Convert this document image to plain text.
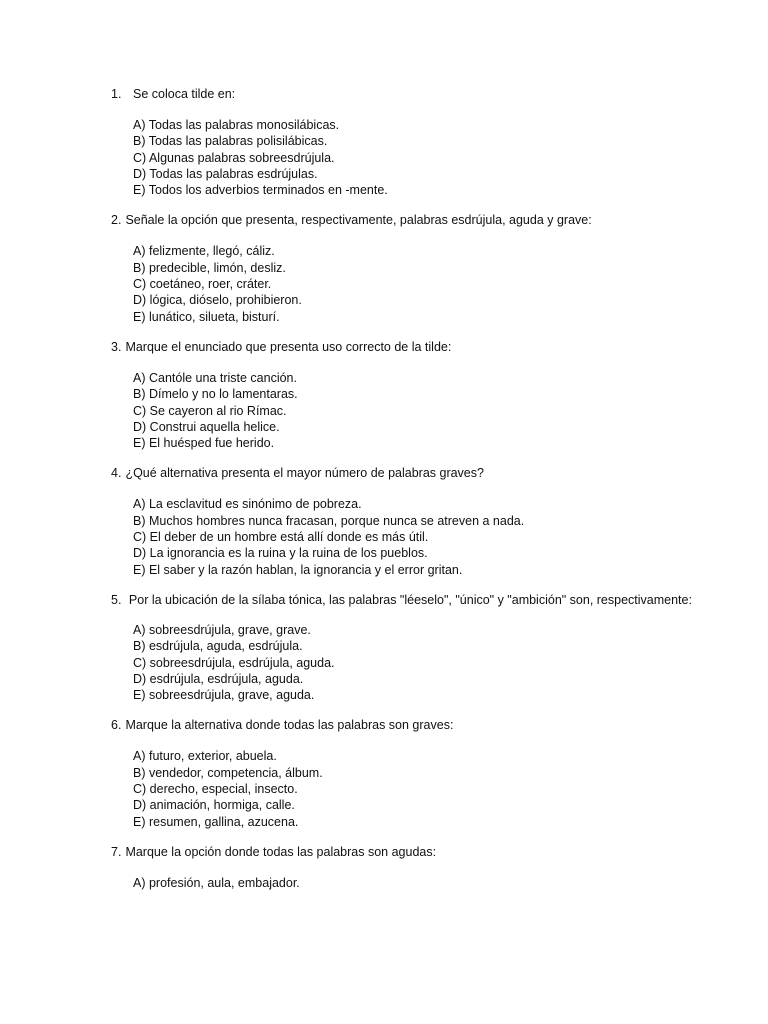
1. Se coloca tilde en:
A) Todas las palabras monosilábicas.
B) Todas las palabras polisilábicas.
C) Algunas palabras sobreesdrújula.
D) Todas las palabras esdrújulas.
E) Todos los adverbios terminados en -mente.
2. Señale la opción que presenta, respectivamente, palabras esdrújula, aguda y grave:
A) felizmente, llegó, cáliz.
B) predecible, limón, desliz.
C) coetáneo, roer, cráter.
D) lógica, dióselo, prohibieron.
E) lunático, silueta, bisturí.
3. Marque el enunciado que presenta uso correcto de la tilde:
A) Cantóle una triste canción.
B) Dímelo y no lo lamentaras.
C) Se cayeron al rio Rímac.
D) Construi aquella helice.
E) El huésped fue herido.
4. ¿Qué alternativa presenta el mayor número de palabras graves?
A) La esclavitud es sinónimo de pobreza.
B) Muchos hombres nunca fracasan, porque nunca se atreven a nada.
C) El deber de un hombre está allí donde es más útil.
D) La ignorancia es la ruina y la ruina de los pueblos.
E) El saber y la razón hablan, la ignorancia y el error gritan.
5. Por la ubicación de la sílaba tónica, las palabras "léeselo", "único" y "ambición" son, respectivamente:
A) sobreesdrújula, grave, grave.
B) esdrújula, aguda, esdrújula.
C) sobreesdrújula, esdrújula, aguda.
D) esdrújula, esdrújula, aguda.
E) sobreesdrújula, grave, aguda.
6. Marque la alternativa donde todas las palabras son graves:
A) futuro, exterior, abuela.
B) vendedor, competencia, álbum.
C) derecho, especial, insecto.
D) animación, hormiga, calle.
E) resumen, gallina, azucena.
7. Marque la opción donde todas las palabras son agudas:
A) profesión, aula, embajador.
